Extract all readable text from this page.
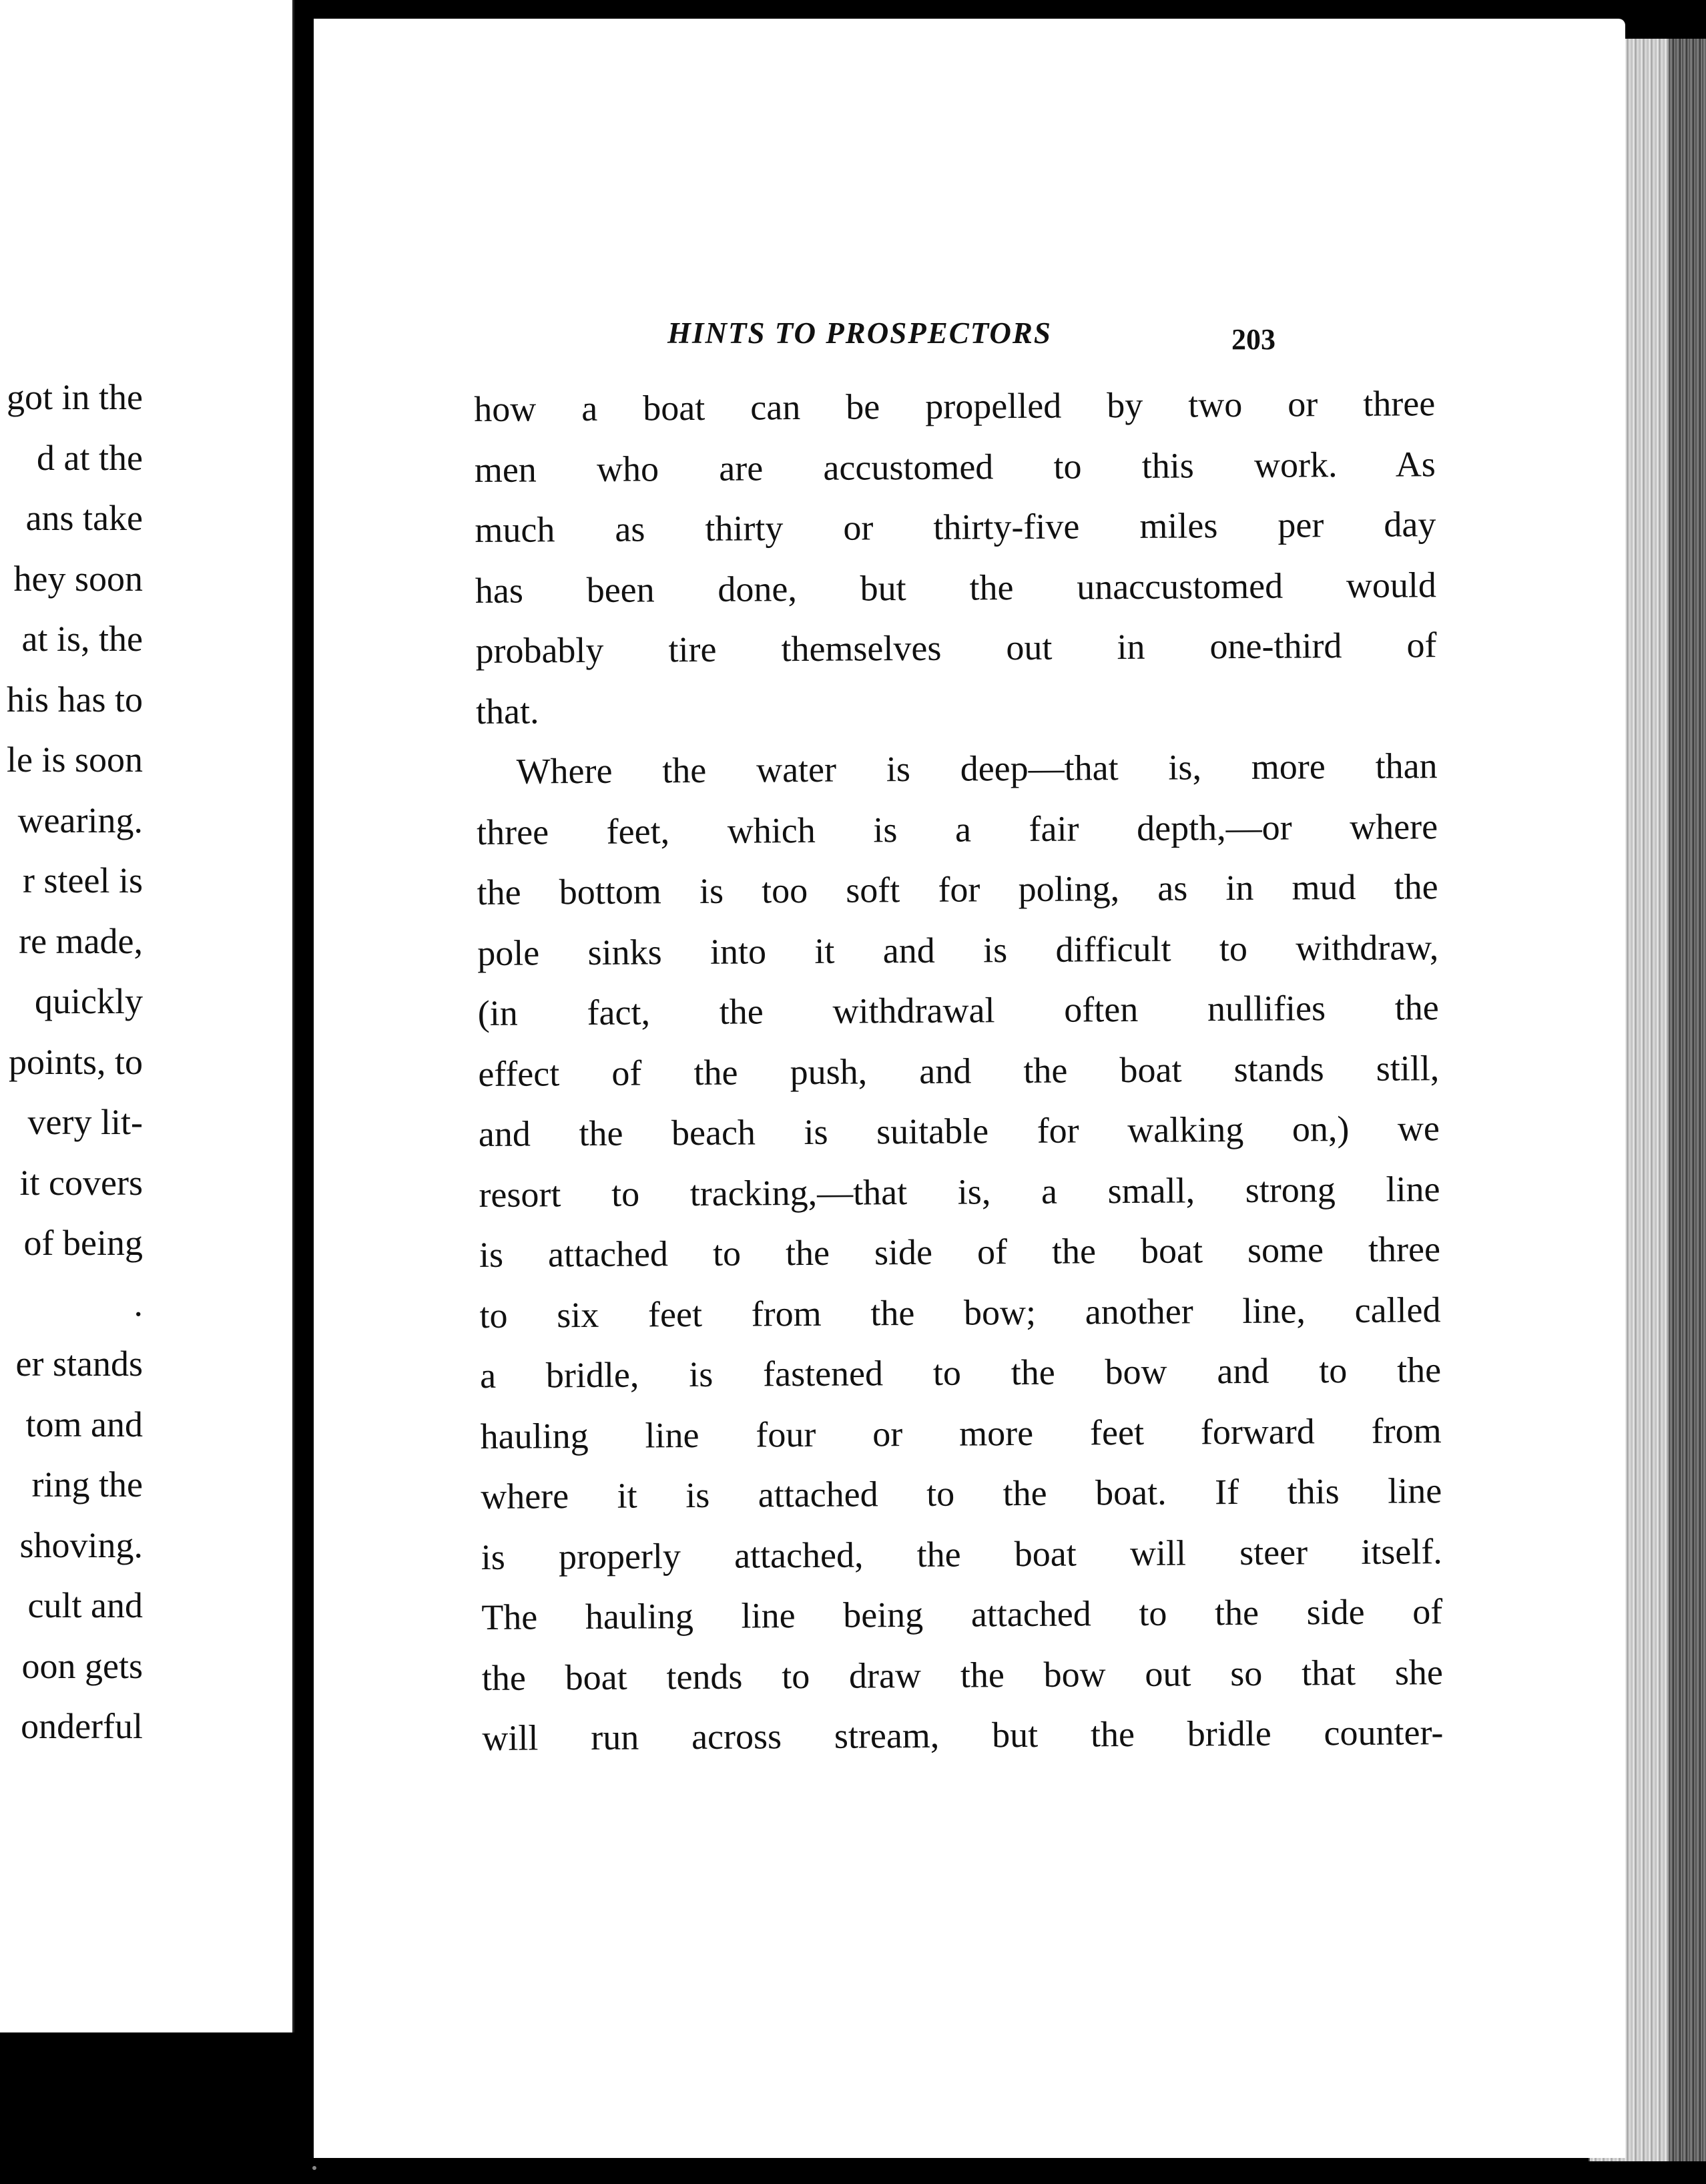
got in the
d at the
ans take
hey soon
at is, the
his has to
le is soon
wearing.
r steel is
re made,
quickly
points, to
very lit-
it covers
of being
.
er stands
tom and
ring the
shoving.
cult and
oon gets
onderful
HINTS TO PROSPECTORS	203
how a boat can be propelled by two or three
men who are accustomed to this work. As
much as thirty or thirty-five miles per day
has been done, but the unaccustomed would
probably tire themselves out in one-third of
that.
Where the water is deep—that is, more than
three feet, which is a fair depth,—or where
the bottom is too soft for poling, as in mud the
pole sinks into it and is difficult to withdraw,
(in fact, the withdrawal often nullifies the
effect of the push, and the boat stands still,
and the beach is suitable for walking on,) we
resort to tracking,—that is, a small, strong line
is attached to the side of the boat some three
to six feet from the bow; another line, called
a bridle, is fastened to the bow and to the
hauling line four or more feet forward from
where it is attached to the boat. If this line
is properly attached, the boat will steer itself.
The hauling line being attached to the side of
the boat tends to draw the bow out so that she
will run across stream, but the bridle counter-
